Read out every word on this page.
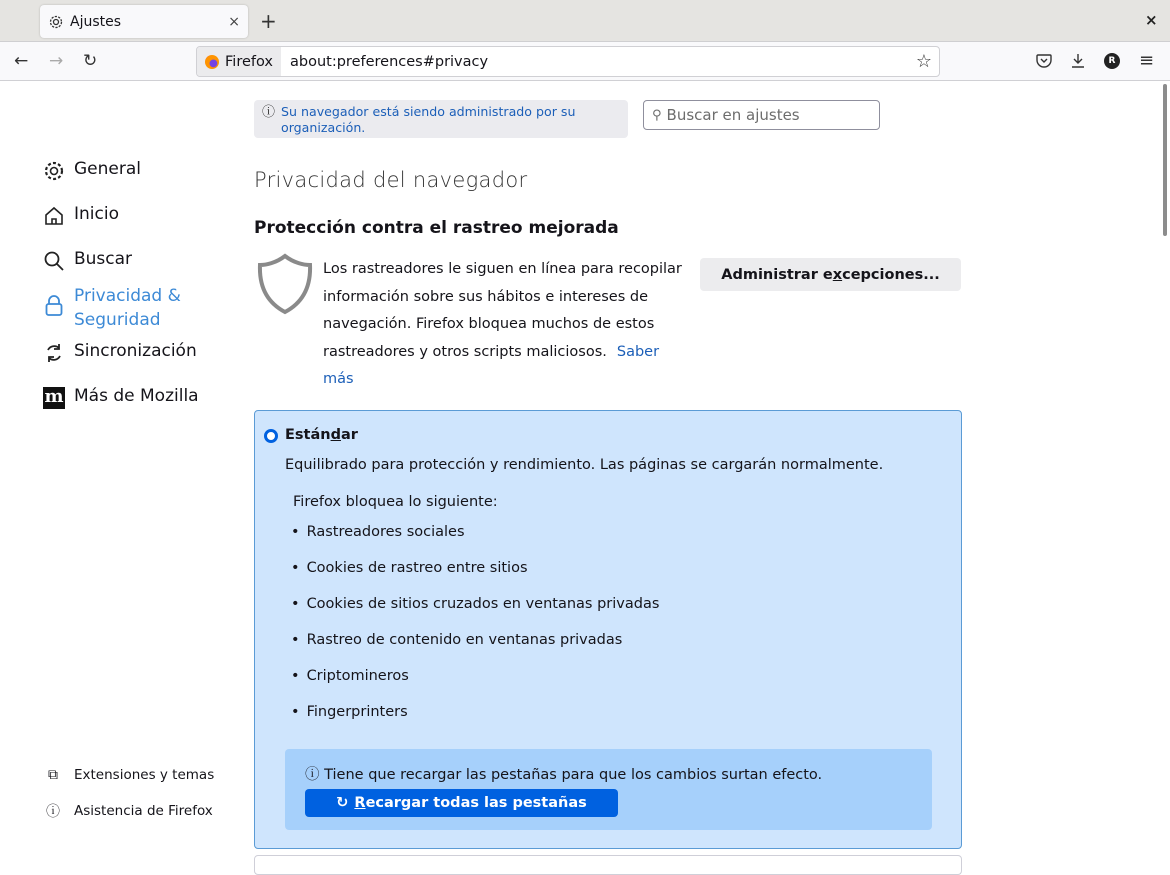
Ajustes	× +	×
← → ↻	Firefox about:preferences#privacy	☆	R ≡
General
Inicio
Buscar
Privacidad &
Seguridad
Sincronización
m Más de Mozilla
⧉ Extensiones y temas
ⓘ Asistencia de Firefox
ⓘ Su navegador está siendo administrado por su organización.
⚲ Buscar en ajustes
Privacidad del navegador
Protección contra el rastreo mejorada
Los rastreadores le siguen en línea para recopilar información sobre sus hábitos e intereses de navegación. Firefox bloquea muchos de estos rastreadores y otros scripts maliciosos. Saber más
Administrar e x cepciones...
Estándar
Equilibrado para protección y rendimiento. Las páginas se cargarán normalmente.
Firefox bloquea lo siguiente:
• Rastreadores sociales
• Cookies de rastreo entre sitios
• Cookies de sitios cruzados en ventanas privadas
• Rastreo de contenido en ventanas privadas
• Criptomineros
• Fingerprinters
ⓘ Tiene que recargar las pestañas para que los cambios surtan efecto.
↻ R ecargar todas las pestañas
